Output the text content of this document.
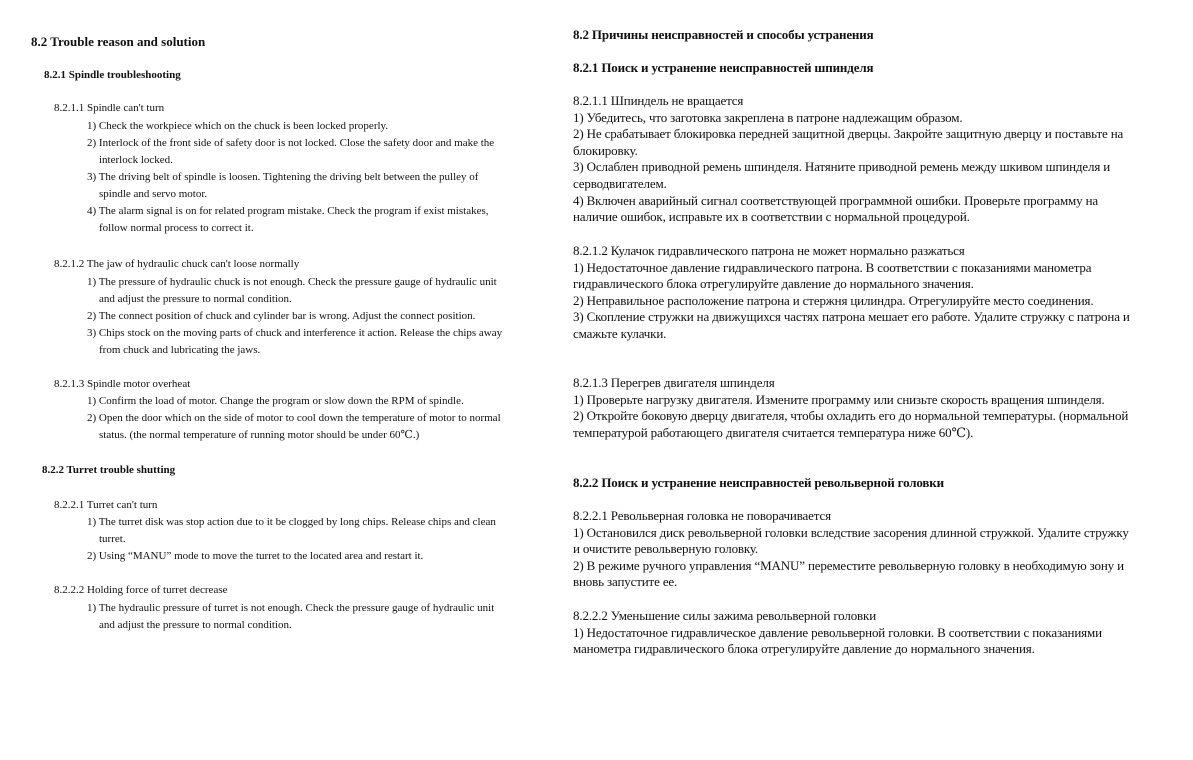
8.2 Trouble reason and solution
8.2.1 Spindle troubleshooting
8.2.1.1 Spindle can't turn
1) Check the workpiece which on the chuck is been locked properly.
2) Interlock of the front side of safety door is not locked. Close the safety door and make the interlock locked.
3) The driving belt of spindle is loosen. Tightening the driving belt between the pulley of spindle and servo motor.
4) The alarm signal is on for related program mistake. Check the program if exist mistakes, follow normal process to correct it.
8.2.1.2 The jaw of hydraulic chuck can't loose normally
1) The pressure of hydraulic chuck is not enough. Check the pressure gauge of hydraulic unit and adjust the pressure to normal condition.
2) The connect position of chuck and cylinder bar is wrong. Adjust the connect position.
3) Chips stock on the moving parts of chuck and interference it action. Release the chips away from chuck and lubricating the jaws.
8.2.1.3 Spindle motor overheat
1) Confirm the load of motor. Change the program or slow down the RPM of spindle.
2) Open the door which on the side of motor to cool down the temperature of motor to normal status. (the normal temperature of running motor should be under 60℃.)
8.2.2 Turret trouble shutting
8.2.2.1 Turret can't turn
1) The turret disk was stop action due to it be clogged by long chips. Release chips and clean turret.
2) Using “MANU” mode to move the turret to the located area and restart it.
8.2.2.2 Holding force of turret decrease
1) The hydraulic pressure of turret is not enough. Check the pressure gauge of hydraulic unit and adjust the pressure to normal condition.
8.2 Причины неисправностей и способы устранения
8.2.1 Поиск и устранение неисправностей шпинделя
8.2.1.1 Шпиндель не вращается
1) Убедитесь, что заготовка закреплена в патроне надлежащим образом.
2) Не срабатывает блокировка передней защитной дверцы. Закройте защитную дверцу и поставьте на блокировку.
3) Ослаблен приводной ремень шпинделя. Натяните приводной ремень между шкивом шпинделя и серводвигателем.
4) Включен аварийный сигнал соответствующей программной ошибки. Проверьте программу на наличие ошибок, исправьте их в соответствии с нормальной процедурой.
8.2.1.2 Кулачок гидравлического патрона не может нормально разжаться
1) Недостаточное давление гидравлического патрона. В соответствии с показаниями манометра гидравлического блока отрегулируйте давление до нормального значения.
2) Неправильное расположение патрона и стержня цилиндра. Отрегулируйте место соединения.
3) Скопление стружки на движущихся частях патрона мешает его работе. Удалите стружку с патрона и смажьте кулачки.
8.2.1.3 Перегрев двигателя шпинделя
1) Проверьте нагрузку двигателя. Измените программу или снизьте скорость вращения шпинделя.
2) Откройте боковую дверцу двигателя, чтобы охладить его до нормальной температуры. (нормальной температурой работающего двигателя считается температура ниже 60℃).
8.2.2 Поиск и устранение неисправностей револьверной головки
8.2.2.1 Револьверная головка не поворачивается
1) Остановился диск револьверной головки вследствие засорения длинной стружкой. Удалите стружку и очистите револьверную головку.
2) В режиме ручного управления “MANU” переместите револьверную головку в необходимую зону и вновь запустите ее.
8.2.2.2 Уменьшение силы зажима револьверной головки
1) Недостаточное гидравлическое давление револьверной головки. В соответствии с показаниями манометра гидравлического блока отрегулируйте давление до нормального значения.
